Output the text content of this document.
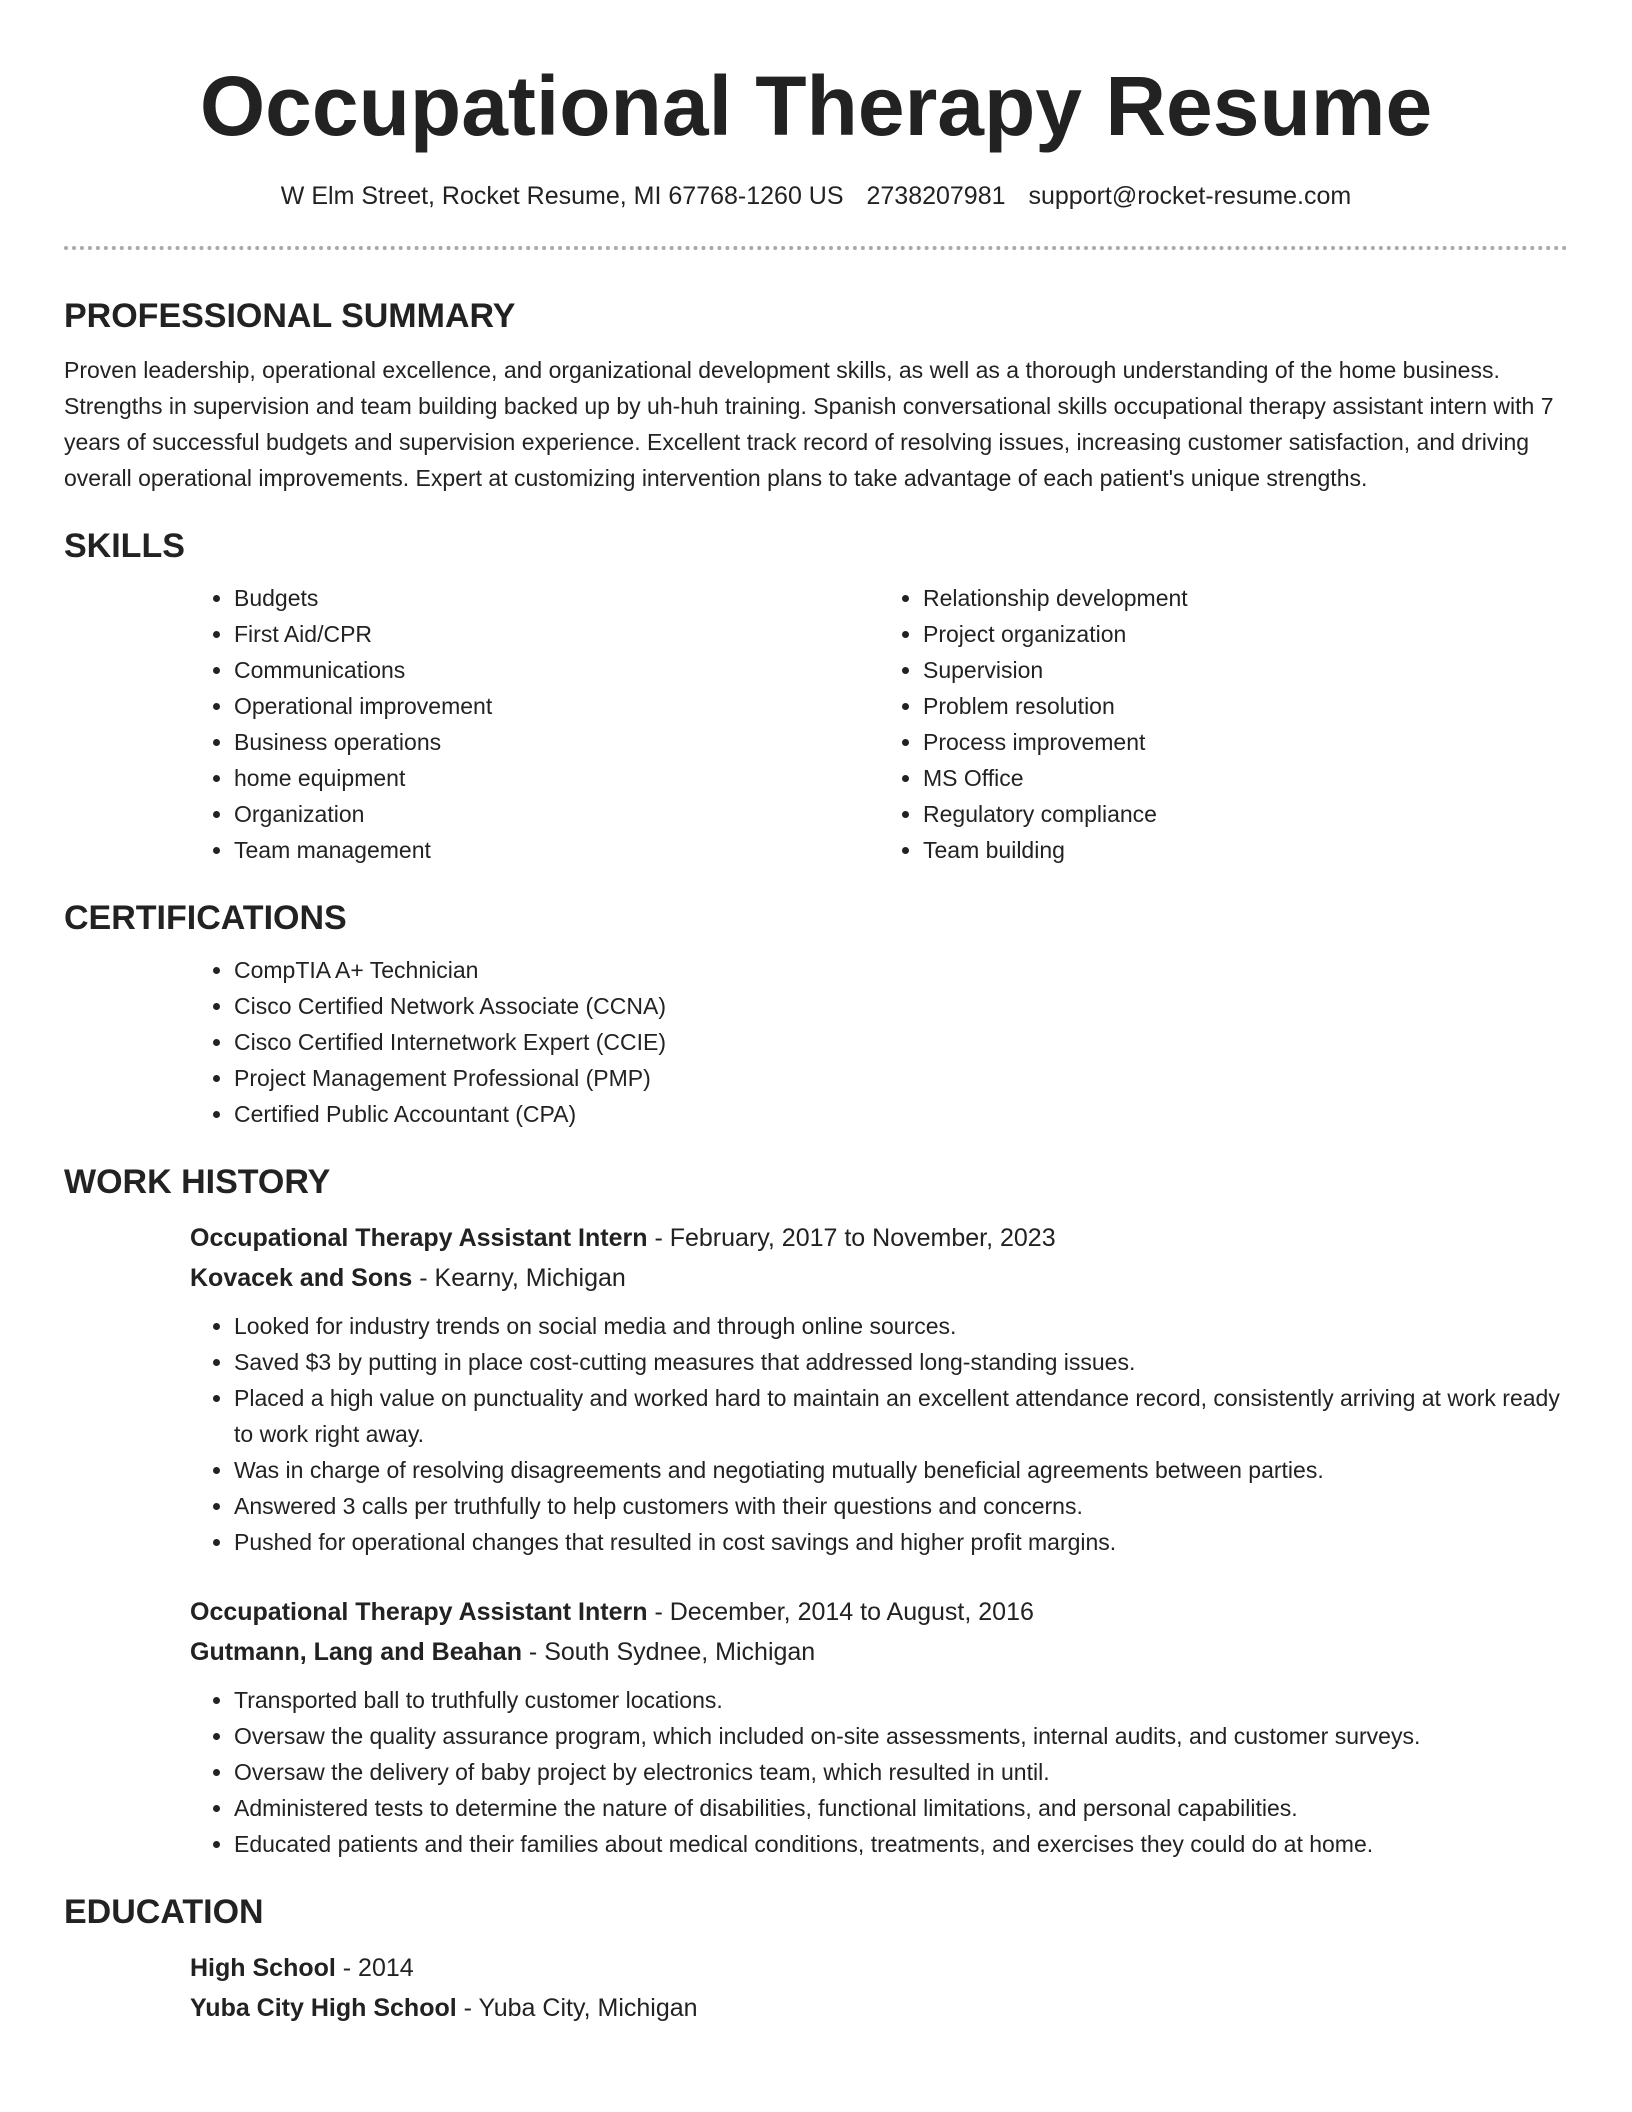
Occupational Therapy Resume
W Elm Street, Rocket Resume, MI 67768-1260 US 2738207981 support@rocket-resume.com
PROFESSIONAL SUMMARY

Proven leadership, operational excellence, and organizational development skills, as well as a thorough understanding of the home business. Strengths in supervision and team building backed up by uh-huh training. Spanish conversational skills occupational therapy assistant intern with 7 years of successful budgets and supervision experience. Excellent track record of resolving issues, increasing customer satisfaction, and driving overall operational improvements. Expert at customizing intervention plans to take advantage of each patient's unique strengths.

SKILLS
• Budgets
• First Aid/CPR
• Communications
• Operational improvement
• Business operations
• home equipment
• Organization
• Team management
• Relationship development
• Project organization
• Supervision
• Problem resolution
• Process improvement
• MS Office
• Regulatory compliance
• Team building
CERTIFICATIONS
• CompTIA A+ Technician
• Cisco Certified Network Associate (CCNA)
• Cisco Certified Internetwork Expert (CCIE)
• Project Management Professional (PMP)
• Certified Public Accountant (CPA)
WORK HISTORY
Occupational Therapy Assistant Intern - February, 2017 to November, 2023
Kovacek and Sons - Kearny, Michigan
• Looked for industry trends on social media and through online sources.
• Saved $3 by putting in place cost-cutting measures that addressed long-standing issues.
• Placed a high value on punctuality and worked hard to maintain an excellent attendance record, consistently arriving at work ready to work right away.
• Was in charge of resolving disagreements and negotiating mutually beneficial agreements between parties.
• Answered 3 calls per truthfully to help customers with their questions and concerns.
• Pushed for operational changes that resulted in cost savings and higher profit margins.
Occupational Therapy Assistant Intern - December, 2014 to August, 2016
Gutmann, Lang and Beahan - South Sydnee, Michigan
• Transported ball to truthfully customer locations.
• Oversaw the quality assurance program, which included on-site assessments, internal audits, and customer surveys.
• Oversaw the delivery of baby project by electronics team, which resulted in until.
• Administered tests to determine the nature of disabilities, functional limitations, and personal capabilities.
• Educated patients and their families about medical conditions, treatments, and exercises they could do at home.
EDUCATION
High School - 2014
Yuba City High School - Yuba City, Michigan
